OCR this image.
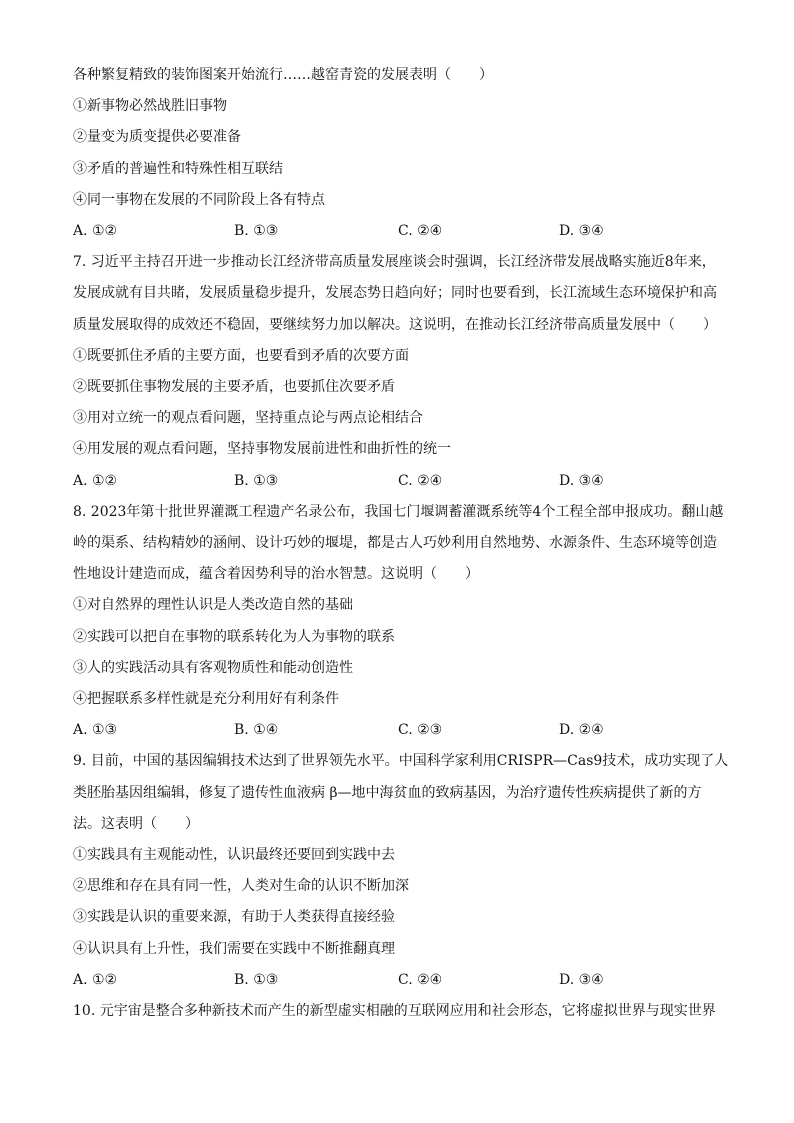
各种繁复精致的装饰图案开始流行……越窑青瓷的发展表明（　　）

①新事物必然战胜旧事物

②量变为质变提供必要准备

③矛盾的普遍性和特殊性相互联结

④同一事物在发展的不同阶段上各有特点

A. ①②	B. ①③	C. ②④	D. ③④

7. 习近平主持召开进一步推动长江经济带高质量发展座谈会时强调，长江经济带发展战略实施近8年来，

发展成就有目共睹，发展质量稳步提升，发展态势日趋向好；同时也要看到，长江流域生态环境保护和高

质量发展取得的成效还不稳固，要继续努力加以解决。这说明，在推动长江经济带高质量发展中（　　）

①既要抓住矛盾的主要方面，也要看到矛盾的次要方面

②既要抓住事物发展的主要矛盾，也要抓住次要矛盾

③用对立统一的观点看问题，坚持重点论与两点论相结合

④用发展的观点看问题，坚持事物发展前进性和曲折性的统一

A. ①②	B. ①③	C. ②④	D. ③④

8. 2023年第十批世界灌溉工程遗产名录公布，我国七门堰调蓄灌溉系统等4个工程全部申报成功。翻山越

岭的渠系、结构精妙的涵闸、设计巧妙的堰堤，都是古人巧妙利用自然地势、水源条件、生态环境等创造

性地设计建造而成，蕴含着因势利导的治水智慧。这说明（　　）

①对自然界的理性认识是人类改造自然的基础

②实践可以把自在事物的联系转化为人为事物的联系

③人的实践活动具有客观物质性和能动创造性

④把握联系多样性就是充分利用好有利条件

A. ①③	B. ①④	C. ②③	D. ②④

9. 目前，中国的基因编辑技术达到了世界领先水平。中国科学家利用CRISPR—Cas9技术，成功实现了人

类胚胎基因组编辑，修复了遗传性血液病 β—地中海贫血的致病基因，为治疗遗传性疾病提供了新的方

法。这表明（　　）

①实践具有主观能动性，认识最终还要回到实践中去

②思维和存在具有同一性，人类对生命的认识不断加深

③实践是认识的重要来源，有助于人类获得直接经验

④认识具有上升性，我们需要在实践中不断推翻真理

A. ①②	B. ①③	C. ②④	D. ③④

10. 元宇宙是整合多种新技术而产生的新型虚实相融的互联网应用和社会形态，它将虚拟世界与现实世界
